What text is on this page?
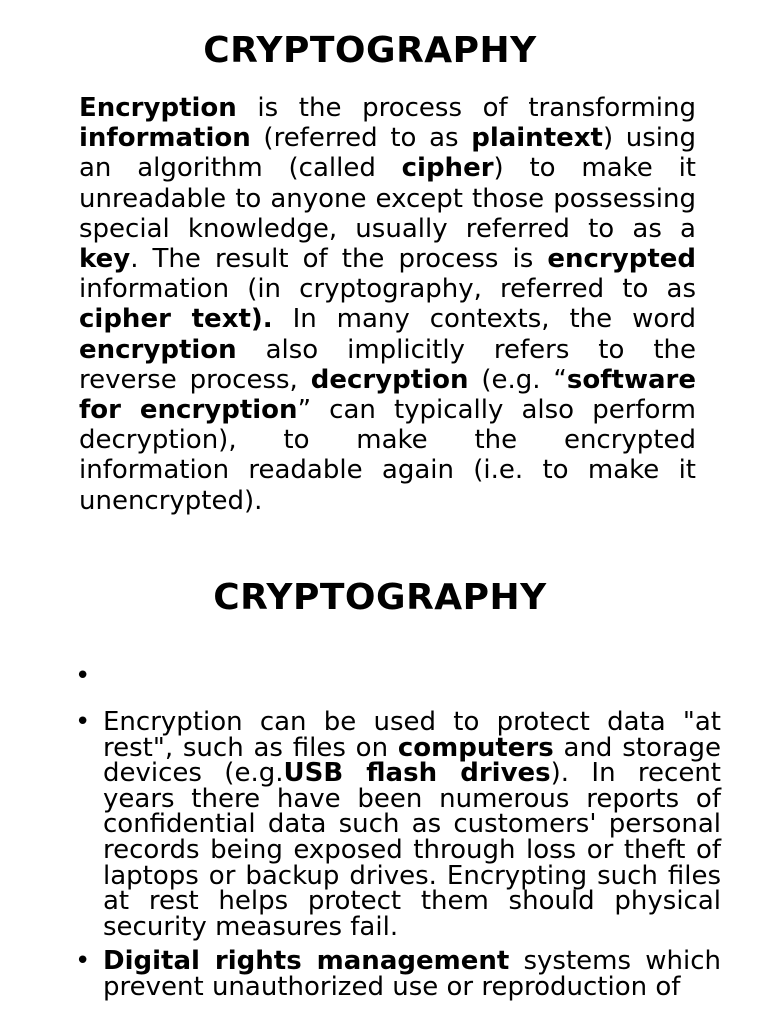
CRYPTOGRAPHY

Encryption is the process of transforming information (referred to as plaintext) using an algorithm (called cipher) to make it unreadable to anyone except those possessing special knowledge, usually referred to as a key. The result of the process is encrypted information (in cryptography, referred to as cipher text). In many contexts, the word encryption also implicitly refers to the reverse process, decryption (e.g. “software for encryption” can typically also perform decryption), to make the encrypted information readable again (i.e. to make it unencrypted).

CRYPTOGRAPHY
•
• Encryption can be used to protect data "at rest", such as files on computers and storage devices (e.g.USB flash drives). In recent years there have been numerous reports of confidential data such as customers' personal records being exposed through loss or theft of laptops or backup drives. Encrypting such files at rest helps protect them should physical security measures fail.
• Digital rights management systems which prevent unauthorized use or reproduction of
